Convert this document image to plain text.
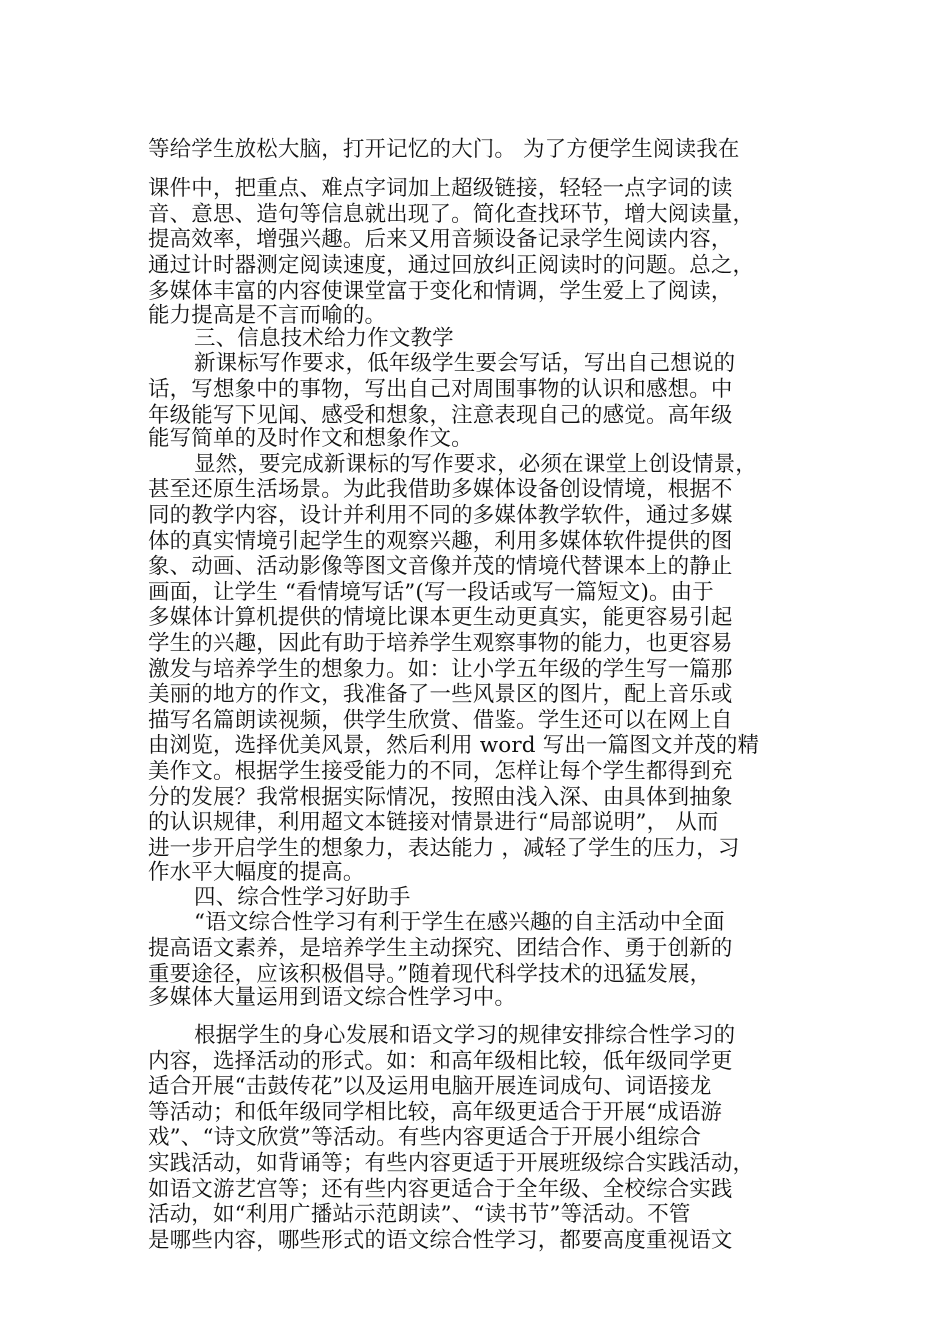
等给学生放松大脑，打开记忆的大门。 为了方便学生阅读我在
课件中，把重点、难点字词加上超级链接，轻轻一点字词的读
音、意思、造句等信息就出现了。简化查找环节，增大阅读量，
提高效率，增强兴趣。后来又用音频设备记录学生阅读内容，
通过计时器测定阅读速度，通过回放纠正阅读时的问题。总之，
多媒体丰富的内容使课堂富于变化和情调，学生爱上了阅读，
能力提高是不言而喻的。
三、信息技术给力作文教学
新课标写作要求，低年级学生要会写话，写出自己想说的
话，写想象中的事物，写出自己对周围事物的认识和感想。中
年级能写下见闻、感受和想象，注意表现自己的感觉。高年级
能写简单的及时作文和想象作文。
显然，要完成新课标的写作要求，必须在课堂上创设情景，
甚至还原生活场景。为此我借助多媒体设备创设情境，根据不
同的教学内容，设计并利用不同的多媒体教学软件，通过多媒
体的真实情境引起学生的观察兴趣，利用多媒体软件提供的图
象、动画、活动影像等图文音像并茂的情境代替课本上的静止
画面，让学生 “看情境写话”(写一段话或写一篇短文)。由于
多媒体计算机提供的情境比课本更生动更真实，能更容易引起
学生的兴趣，因此有助于培养学生观察事物的能力，也更容易
激发与培养学生的想象力。如：让小学五年级的学生写一篇那
美丽的地方的作文，我准备了一些风景区的图片，配上音乐或
描写名篇朗读视频，供学生欣赏、借鉴。学生还可以在网上自
由浏览，选择优美风景，然后利用 word 写出一篇图文并茂的精
美作文。根据学生接受能力的不同，怎样让每个学生都得到充
分的发展？我常根据实际情况，按照由浅入深、由具体到抽象
的认识规律，利用超文本链接对情景进行“局部说明”， 从而
进一步开启学生的想象力，表达能力 ，减轻了学生的压力，习
作水平大幅度的提高。
四、综合性学习好助手
“语文综合性学习有利于学生在感兴趣的自主活动中全面
提高语文素养，是培养学生主动探究、团结合作、勇于创新的
重要途径，应该积极倡导。”随着现代科学技术的迅猛发展，
多媒体大量运用到语文综合性学习中。
根据学生的身心发展和语文学习的规律安排综合性学习的
内容，选择活动的形式。如：和高年级相比较，低年级同学更
适合开展“击鼓传花”以及运用电脑开展连词成句、词语接龙
等活动；和低年级同学相比较，高年级更适合于开展“成语游
戏”、“诗文欣赏”等活动。有些内容更适合于开展小组综合
实践活动，如背诵等；有些内容更适于开展班级综合实践活动，
如语文游艺宫等；还有些内容更适合于全年级、全校综合实践
活动，如“利用广播站示范朗读”、“读书节”等活动。不管
是哪些内容，哪些形式的语文综合性学习，都要高度重视语文
